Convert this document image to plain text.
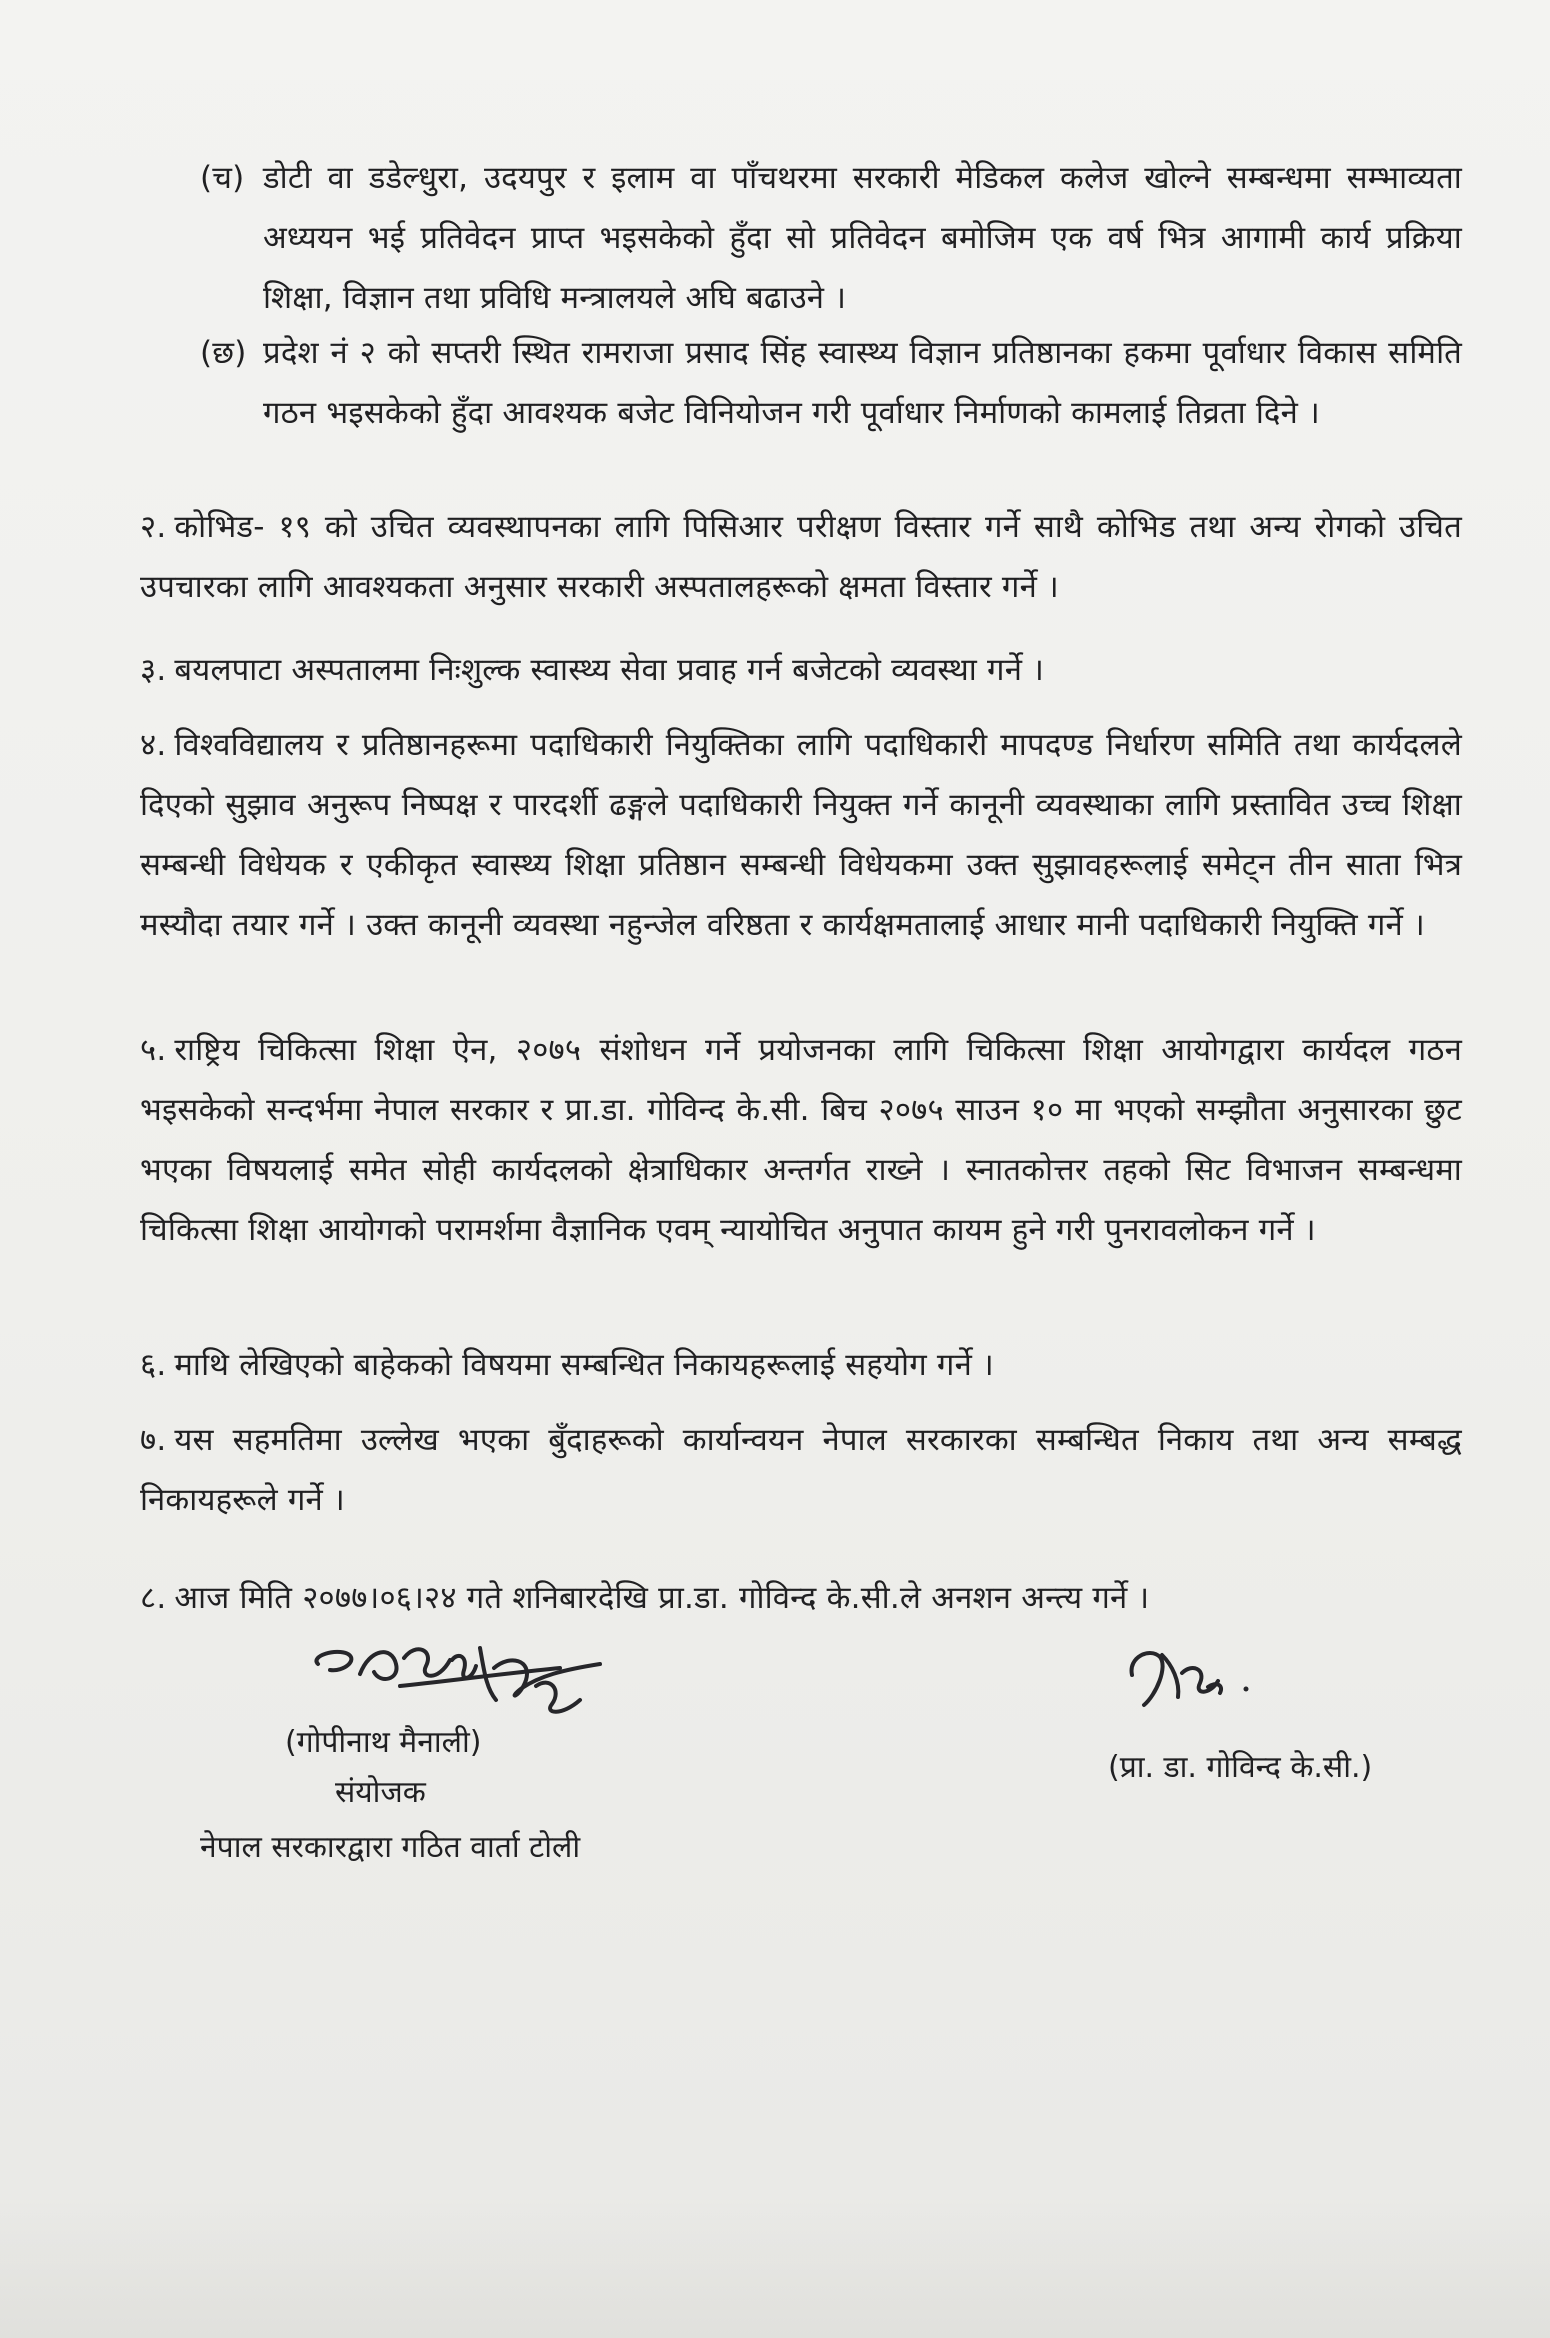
(च) डोटी वा डडेल्धुरा, उदयपुर र इलाम वा पाँचथरमा सरकारी मेडिकल कलेज खोल्ने सम्बन्धमा सम्भाव्यता अध्ययन भई प्रतिवेदन प्राप्त भइसकेको हुँदा सो प्रतिवेदन बमोजिम एक वर्ष भित्र आगामी कार्य प्रक्रिया शिक्षा, विज्ञान तथा प्रविधि मन्त्रालयले अघि बढाउने ।
(छ) प्रदेश नं २ को सप्तरी स्थित रामराजा प्रसाद सिंह स्वास्थ्य विज्ञान प्रतिष्ठानका हकमा पूर्वाधार विकास समिति गठन भइसकेको हुँदा आवश्यक बजेट विनियोजन गरी पूर्वाधार निर्माणको कामलाई तिव्रता दिने ।
२. कोभिड- १९ को उचित व्यवस्थापनका लागि पिसिआर परीक्षण विस्तार गर्ने साथै कोभिड तथा अन्य रोगको उचित उपचारका लागि आवश्यकता अनुसार सरकारी अस्पतालहरूको क्षमता विस्तार गर्ने ।
३. बयलपाटा अस्पतालमा निःशुल्क स्वास्थ्य सेवा प्रवाह गर्न बजेटको व्यवस्था गर्ने ।
४. विश्वविद्यालय र प्रतिष्ठानहरूमा पदाधिकारी नियुक्तिका लागि पदाधिकारी मापदण्ड निर्धारण समिति तथा कार्यदलले दिएको सुझाव अनुरूप निष्पक्ष र पारदर्शी ढङ्गले पदाधिकारी नियुक्त गर्ने कानूनी व्यवस्थाका लागि प्रस्तावित उच्च शिक्षा सम्बन्धी विधेयक र एकीकृत स्वास्थ्य शिक्षा प्रतिष्ठान सम्बन्धी विधेयकमा उक्त सुझावहरूलाई समेट्न तीन साता भित्र मस्यौदा तयार गर्ने । उक्त कानूनी व्यवस्था नहुन्जेल वरिष्ठता र कार्यक्षमतालाई आधार मानी पदाधिकारी नियुक्ति गर्ने ।
५. राष्ट्रिय चिकित्सा शिक्षा ऐन, २०७५ संशोधन गर्ने प्रयोजनका लागि चिकित्सा शिक्षा आयोगद्वारा कार्यदल गठन भइसकेको सन्दर्भमा नेपाल सरकार र प्रा.डा. गोविन्द के.सी. बिच २०७५ साउन १० मा भएको सम्झौता अनुसारका छुट भएका विषयलाई समेत सोही कार्यदलको क्षेत्राधिकार अन्तर्गत राख्ने । स्नातकोत्तर तहको सिट विभाजन सम्बन्धमा चिकित्सा शिक्षा आयोगको परामर्शमा वैज्ञानिक एवम् न्यायोचित अनुपात कायम हुने गरी पुनरावलोकन गर्ने ।
६. माथि लेखिएको बाहेकको विषयमा सम्बन्धित निकायहरूलाई सहयोग गर्ने ।
७. यस सहमतिमा उल्लेख भएका बुँदाहरूको कार्यान्वयन नेपाल सरकारका सम्बन्धित निकाय तथा अन्य सम्बद्ध निकायहरूले गर्ने ।
८. आज मिति २०७७।०६।२४ गते शनिबारदेखि प्रा.डा. गोविन्द के.सी.ले अनशन अन्त्य गर्ने ।
(गोपीनाथ मैनाली)
संयोजक
नेपाल सरकारद्वारा गठित वार्ता टोली
(प्रा. डा. गोविन्द के.सी.)
